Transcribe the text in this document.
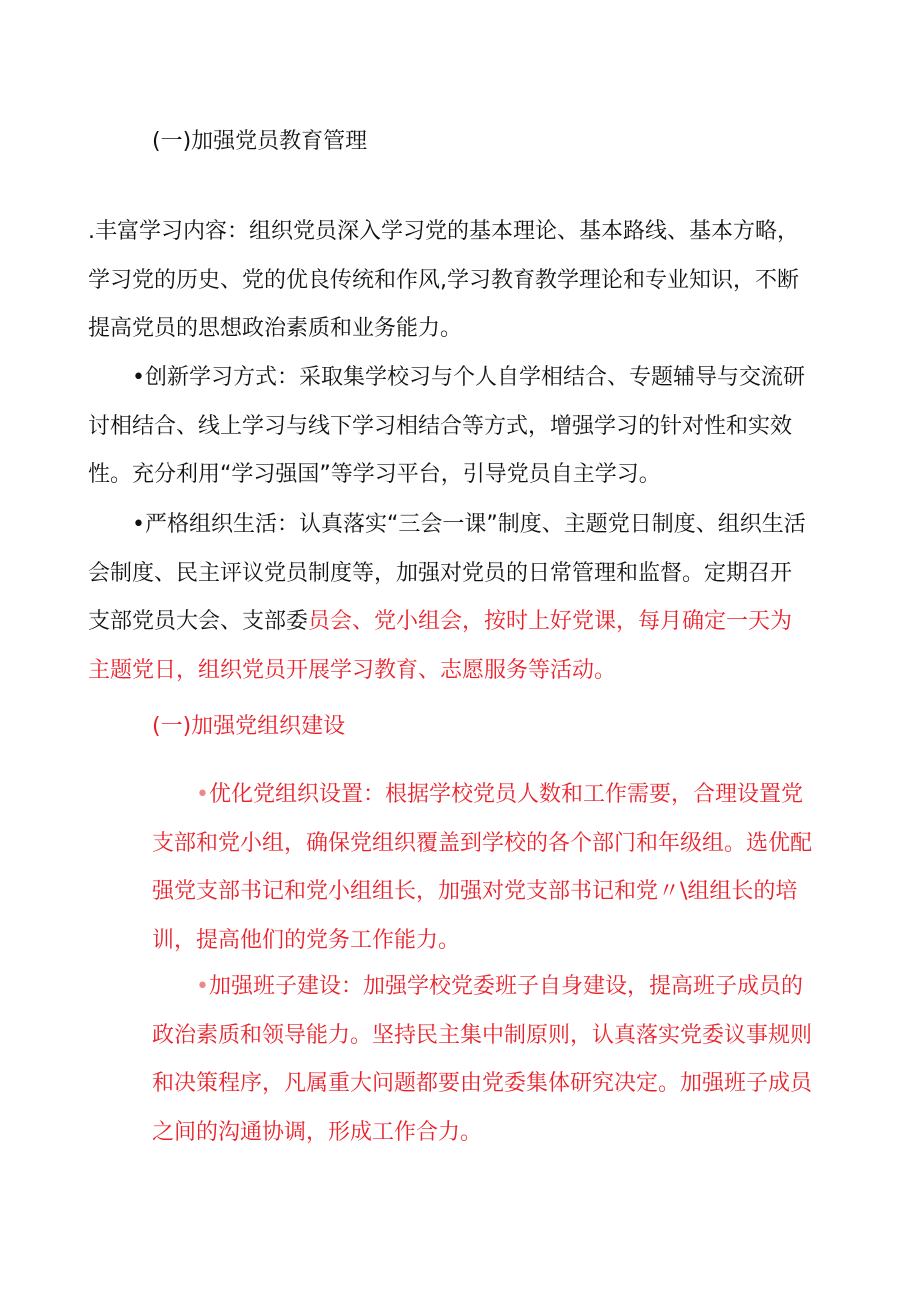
(一)加强党员教育管理

.丰富学习内容：组织党员深入学习党的基本理论、基本路线、基本方略，学习党的历史、党的优良传统和作风,学习教育教学理论和专业知识，不断提高党员的思想政治素质和业务能力。

•创新学习方式：采取集学校习与个人自学相结合、专题辅导与交流研讨相结合、线上学习与线下学习相结合等方式，增强学习的针对性和实效性。充分利用“学习强国”等学习平台，引导党员自主学习。

•严格组织生活：认真落实“三会一课”制度、主题党日制度、组织生活会制度、民主评议党员制度等，加强对党员的日常管理和监督。定期召开支部党员大会、支部委员会、党小组会，按时上好党课，每月确定一天为主题党日，组织党员开展学习教育、志愿服务等活动。

(一)加强党组织建设

•优化党组织设置：根据学校党员人数和工作需要，合理设置党支部和党小组，确保党组织覆盖到学校的各个部门和年级组。选优配强党支部书记和党小组组长，加强对党支部书记和党〃\组组长的培训，提高他们的党务工作能力。

•加强班子建设：加强学校党委班子自身建设，提高班子成员的政治素质和领导能力。坚持民主集中制原则，认真落实党委议事规则和决策程序，凡属重大问题都要由党委集体研究决定。加强班子成员之间的沟通协调，形成工作合力。
